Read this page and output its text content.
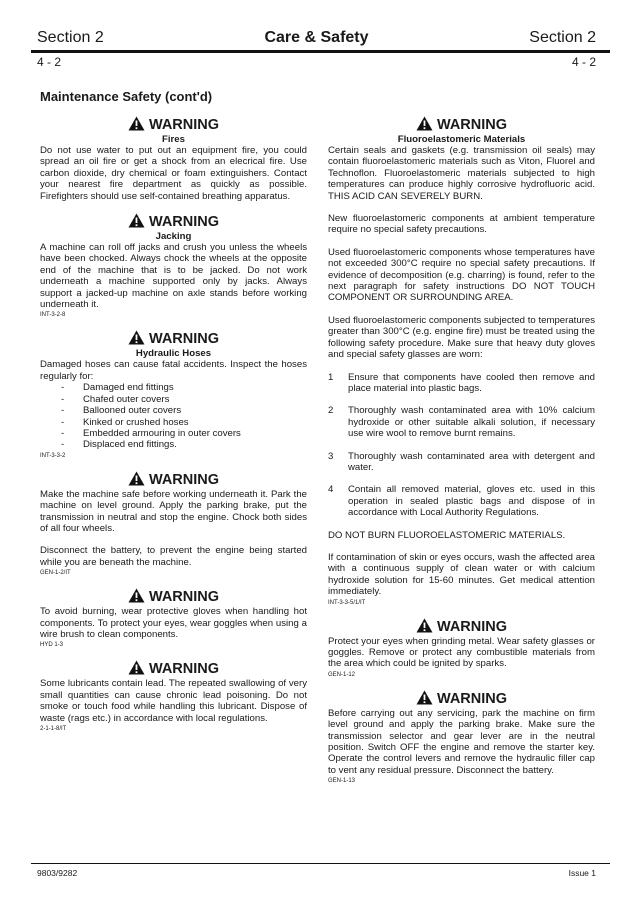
Section 2	Care & Safety	Section 2
4 - 2	4 - 2
Maintenance Safety (cont'd)
WARNING
Fires

Do not use water to put out an equipment fire, you could spread an oil fire or get a shock from an elecrical fire. Use carbon dioxide, dry chemical or foam extinguishers. Contact your nearest fire department as quickly as possible. Firefighters should use self-contained breathing apparatus.

WARNING
Jacking

A machine can roll off jacks and crush you unless the wheels have been chocked. Always chock the wheels at the opposite end of the machine that is to be jacked. Do not work underneath a machine supported only by jacks. Always support a jacked-up machine on axle stands before working underneath it.

INT-3-2-8
WARNING
Hydraulic Hoses

Damaged hoses can cause fatal accidents. Inspect the hoses regularly for:

-	Damaged end fittings
-	Chafed outer covers
-	Ballooned outer covers
-	Kinked or crushed hoses
-	Embedded armouring in outer covers
-	Displaced end fittings.
INT-3-3-2
WARNING

Make the machine safe before working underneath it. Park the machine on level ground. Apply the parking brake, put the transmission in neutral and stop the engine. Chock both sides of all four wheels.

Disconnect the battery, to prevent the engine being started while you are beneath the machine.

GEN-1-2/IT
WARNING

To avoid burning, wear protective gloves when handling hot components. To protect your eyes, wear goggles when using a wire brush to clean components.

HYD 1-3
WARNING

Some lubricants contain lead. The repeated swallowing of very small quantities can cause chronic lead poisoning. Do not smoke or touch food while handling this lubricant. Dispose of waste (rags etc.) in accordance with local regulations.

2-1-1-8/IT
WARNING
Fluoroelastomeric Materials

Certain seals and gaskets (e.g. transmission oil seals) may contain fluoroelastomeric materials such as Viton, Fluorel and Technoflon. Fluoroelastomeric materials subjected to high temperatures can produce highly corrosive hydrofluoric acid. THIS ACID CAN SEVERELY BURN.

New fluoroelastomeric components at ambient temperature require no special safety precautions.

Used fluoroelastomeric components whose temperatures have not exceeded 300°C require no special safety precautions. If evidence of decomposition (e.g. charring) is found, refer to the next paragraph for safety instructions DO NOT TOUCH COMPONENT OR SURROUNDING AREA.

Used fluoroelastomeric components subjected to temperatures greater than 300°C (e.g. engine fire) must be treated using the following safety procedure. Make sure that heavy duty gloves and special safety glasses are worn:

1	Ensure that components have cooled then remove and place material into plastic bags.
2	Thoroughly wash contaminated area with 10% calcium hydroxide or other suitable alkali solution, if necessary use wire wool to remove burnt remains.
3	Thoroughly wash contaminated area with detergent and water.
4	Contain all removed material, gloves etc. used in this operation in sealed plastic bags and dispose of in accordance with Local Authority Regulations.

DO NOT BURN FLUOROELASTOMERIC MATERIALS.

If contamination of skin or eyes occurs, wash the affected area with a continuous supply of clean water or with calcium hydroxide solution for 15-60 minutes. Get medical attention immediately.

INT-3-3-5/1/IT
WARNING

Protect your eyes when grinding metal. Wear safety glasses or goggles. Remove or protect any combustible materials from the area which could be ignited by sparks.

GEN-1-12
WARNING

Before carrying out any servicing, park the machine on firm level ground and apply the parking brake. Make sure the transmission selector and gear lever are in the neutral position. Switch OFF the engine and remove the starter key. Operate the control levers and remove the hydraulic filler cap to vent any residual pressure. Disconnect the battery.

GEN-1-13
9803/9282	Issue 1
